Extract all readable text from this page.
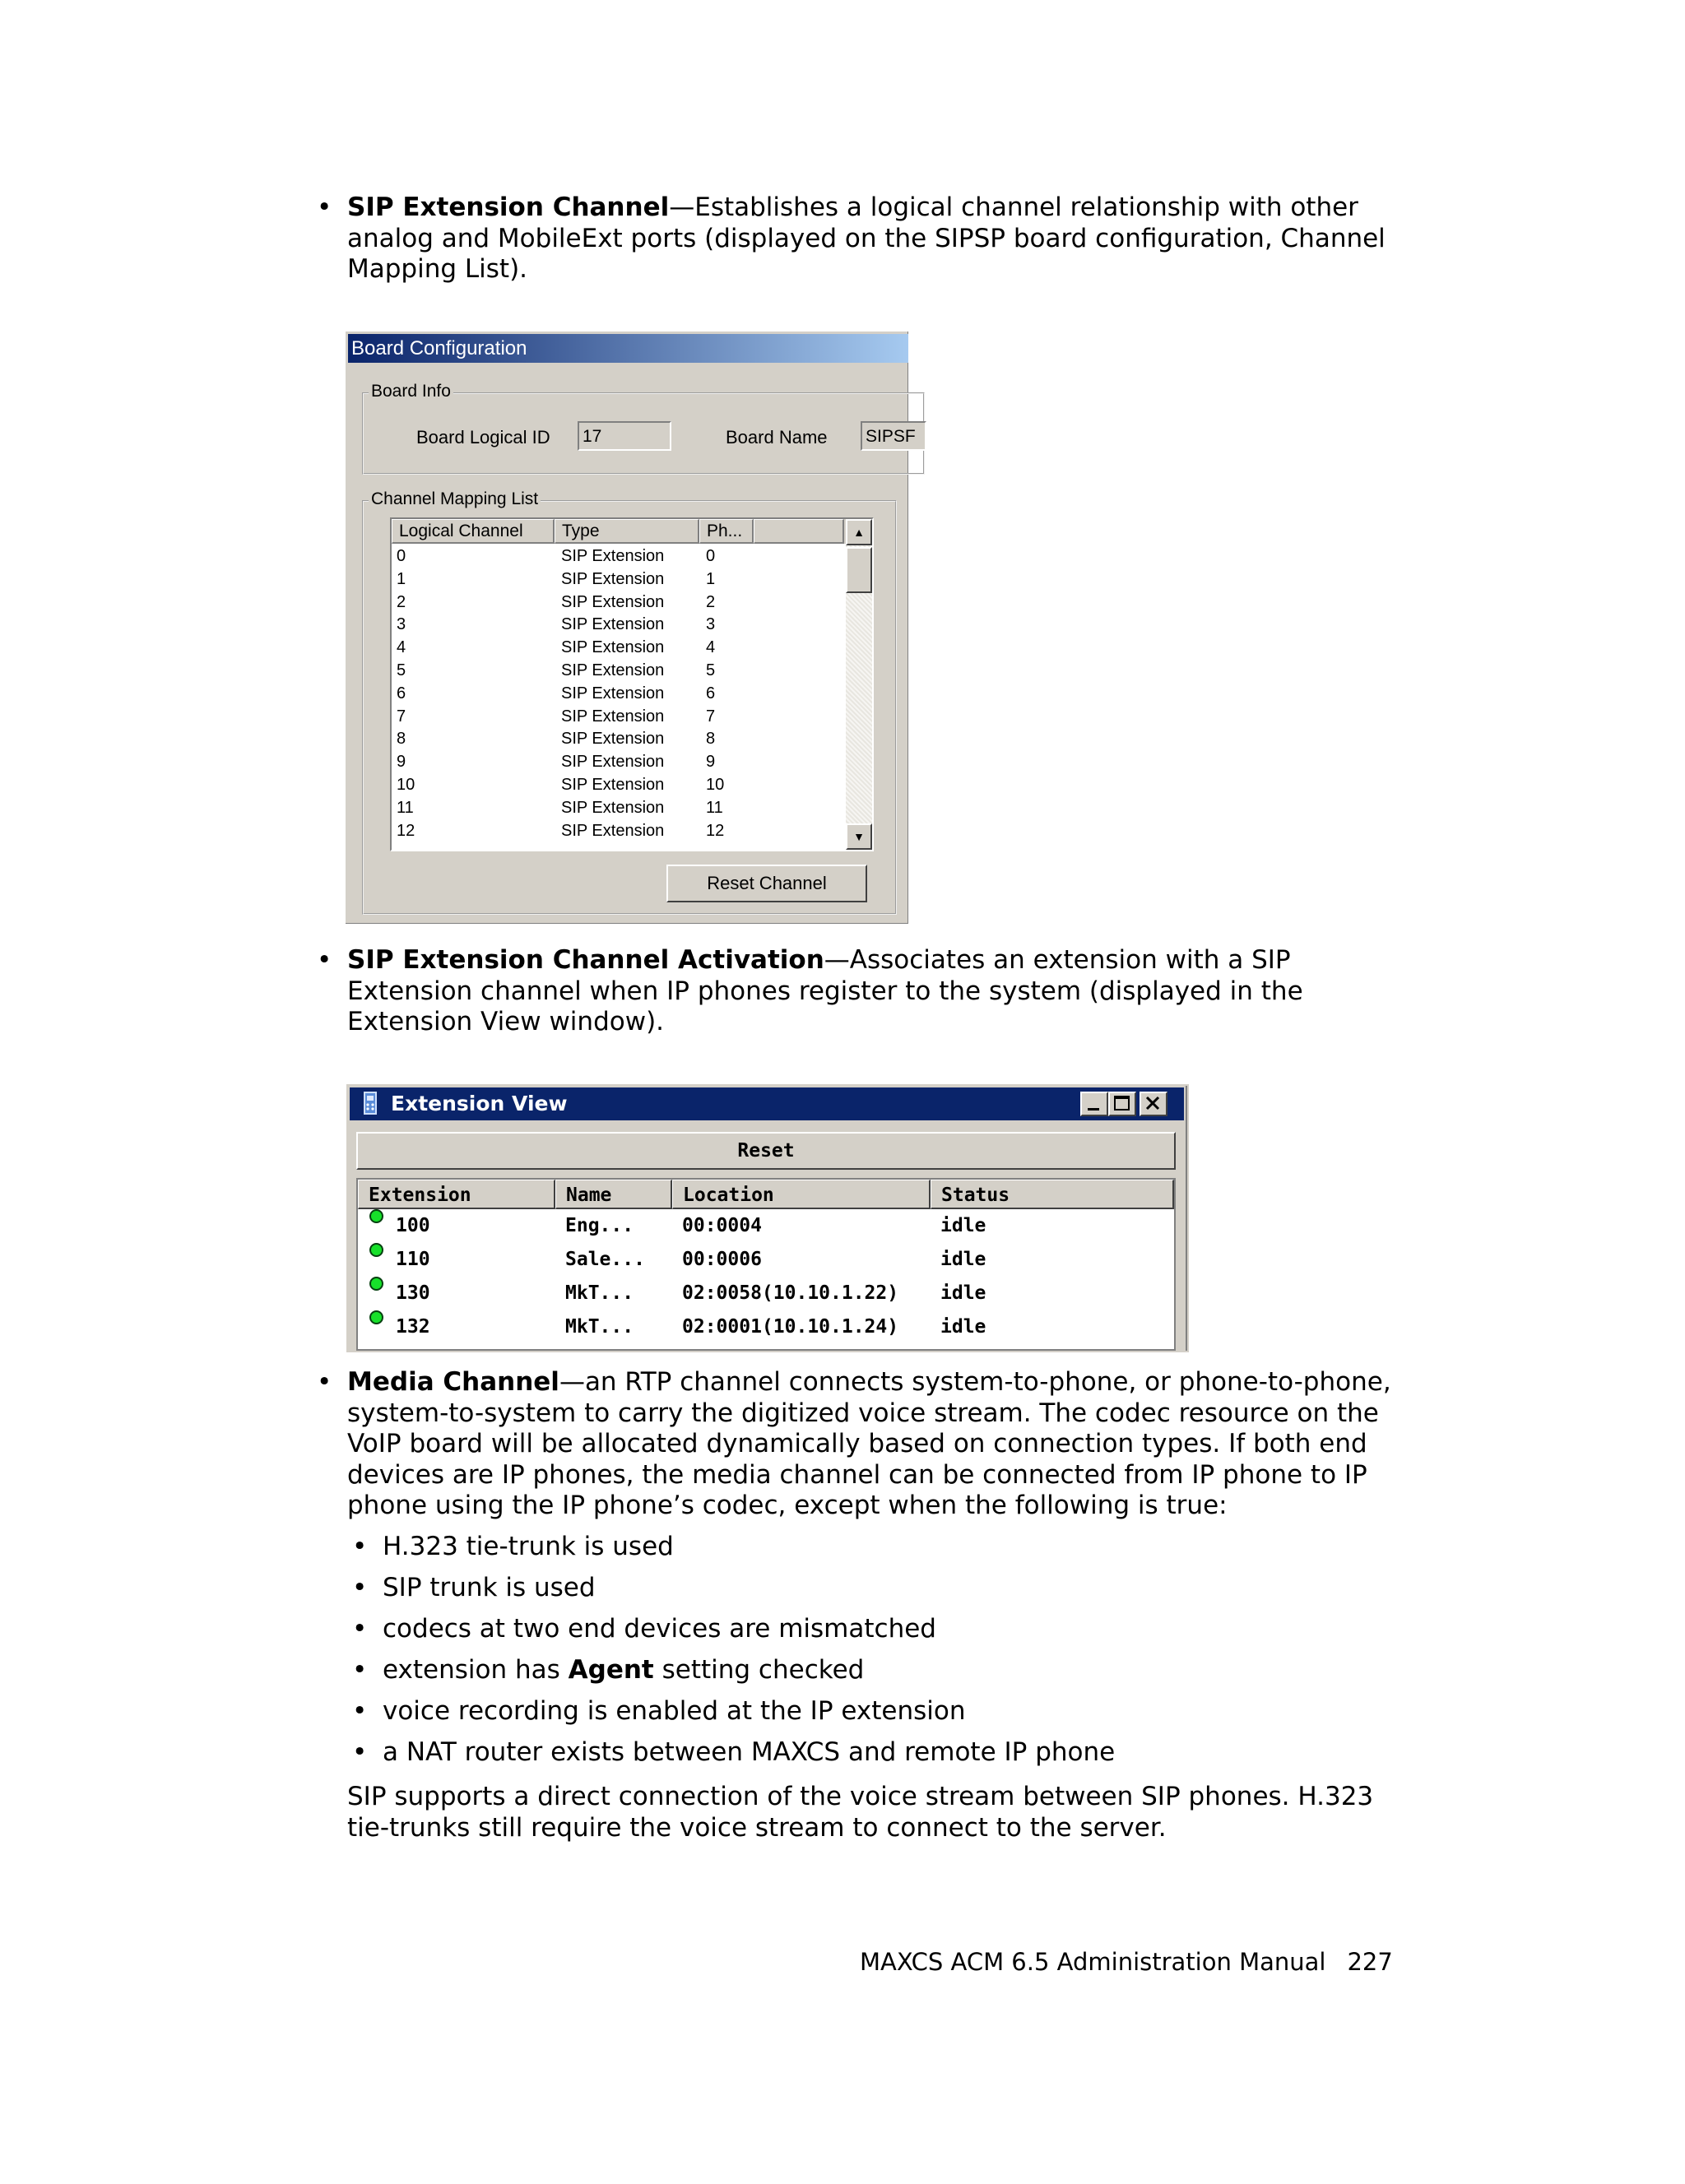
• SIP Extension Channel—Establishes a logical channel relationship with other analog and MobileExt ports (displayed on the SIPSP board configuration, Channel Mapping List).
Board Configuration
Board Info
Board Logical ID 17	Board Name SIPSF
Channel Mapping List
Logical Channel	Type	Ph...
0	SIP Extension	0
1	SIP Extension	1
2	SIP Extension	2
3	SIP Extension	3
4	SIP Extension	4
5	SIP Extension	5
6	SIP Extension	6
7	SIP Extension	7
8	SIP Extension	8
9	SIP Extension	9
10	SIP Extension	10
11	SIP Extension	11
12	SIP Extension	12
▲
▼
Reset Channel
• SIP Extension Channel Activation—Associates an extension with a SIP Extension channel when IP phones register to the system (displayed in the Extension View window).
Extension View
Reset
Extension	Name	Location	Status
100	Eng...	00:0004	idle
110	Sale... 00:0006	idle
130	MkT...	02:0058(10.10.1.22) idle
132	MkT...	02:0001(10.10.1.24) idle
• Media Channel—an RTP channel connects system-to-phone, or phone-to-phone, system-to-system to carry the digitized voice stream. The codec resource on the VoIP board will be allocated dynamically based on connection types. If both end devices are IP phones, the media channel can be connected from IP phone to IP phone using the IP phone’s codec, except when the following is true:
• H.323 tie-trunk is used
• SIP trunk is used
• codecs at two end devices are mismatched
• extension has Agent setting checked
• voice recording is enabled at the IP extension
• a NAT router exists between MAXCS and remote IP phone
SIP supports a direct connection of the voice stream between SIP phones. H.323 tie-trunks still require the voice stream to connect to the server.
MAXCS ACM 6.5 Administration Manual 227
